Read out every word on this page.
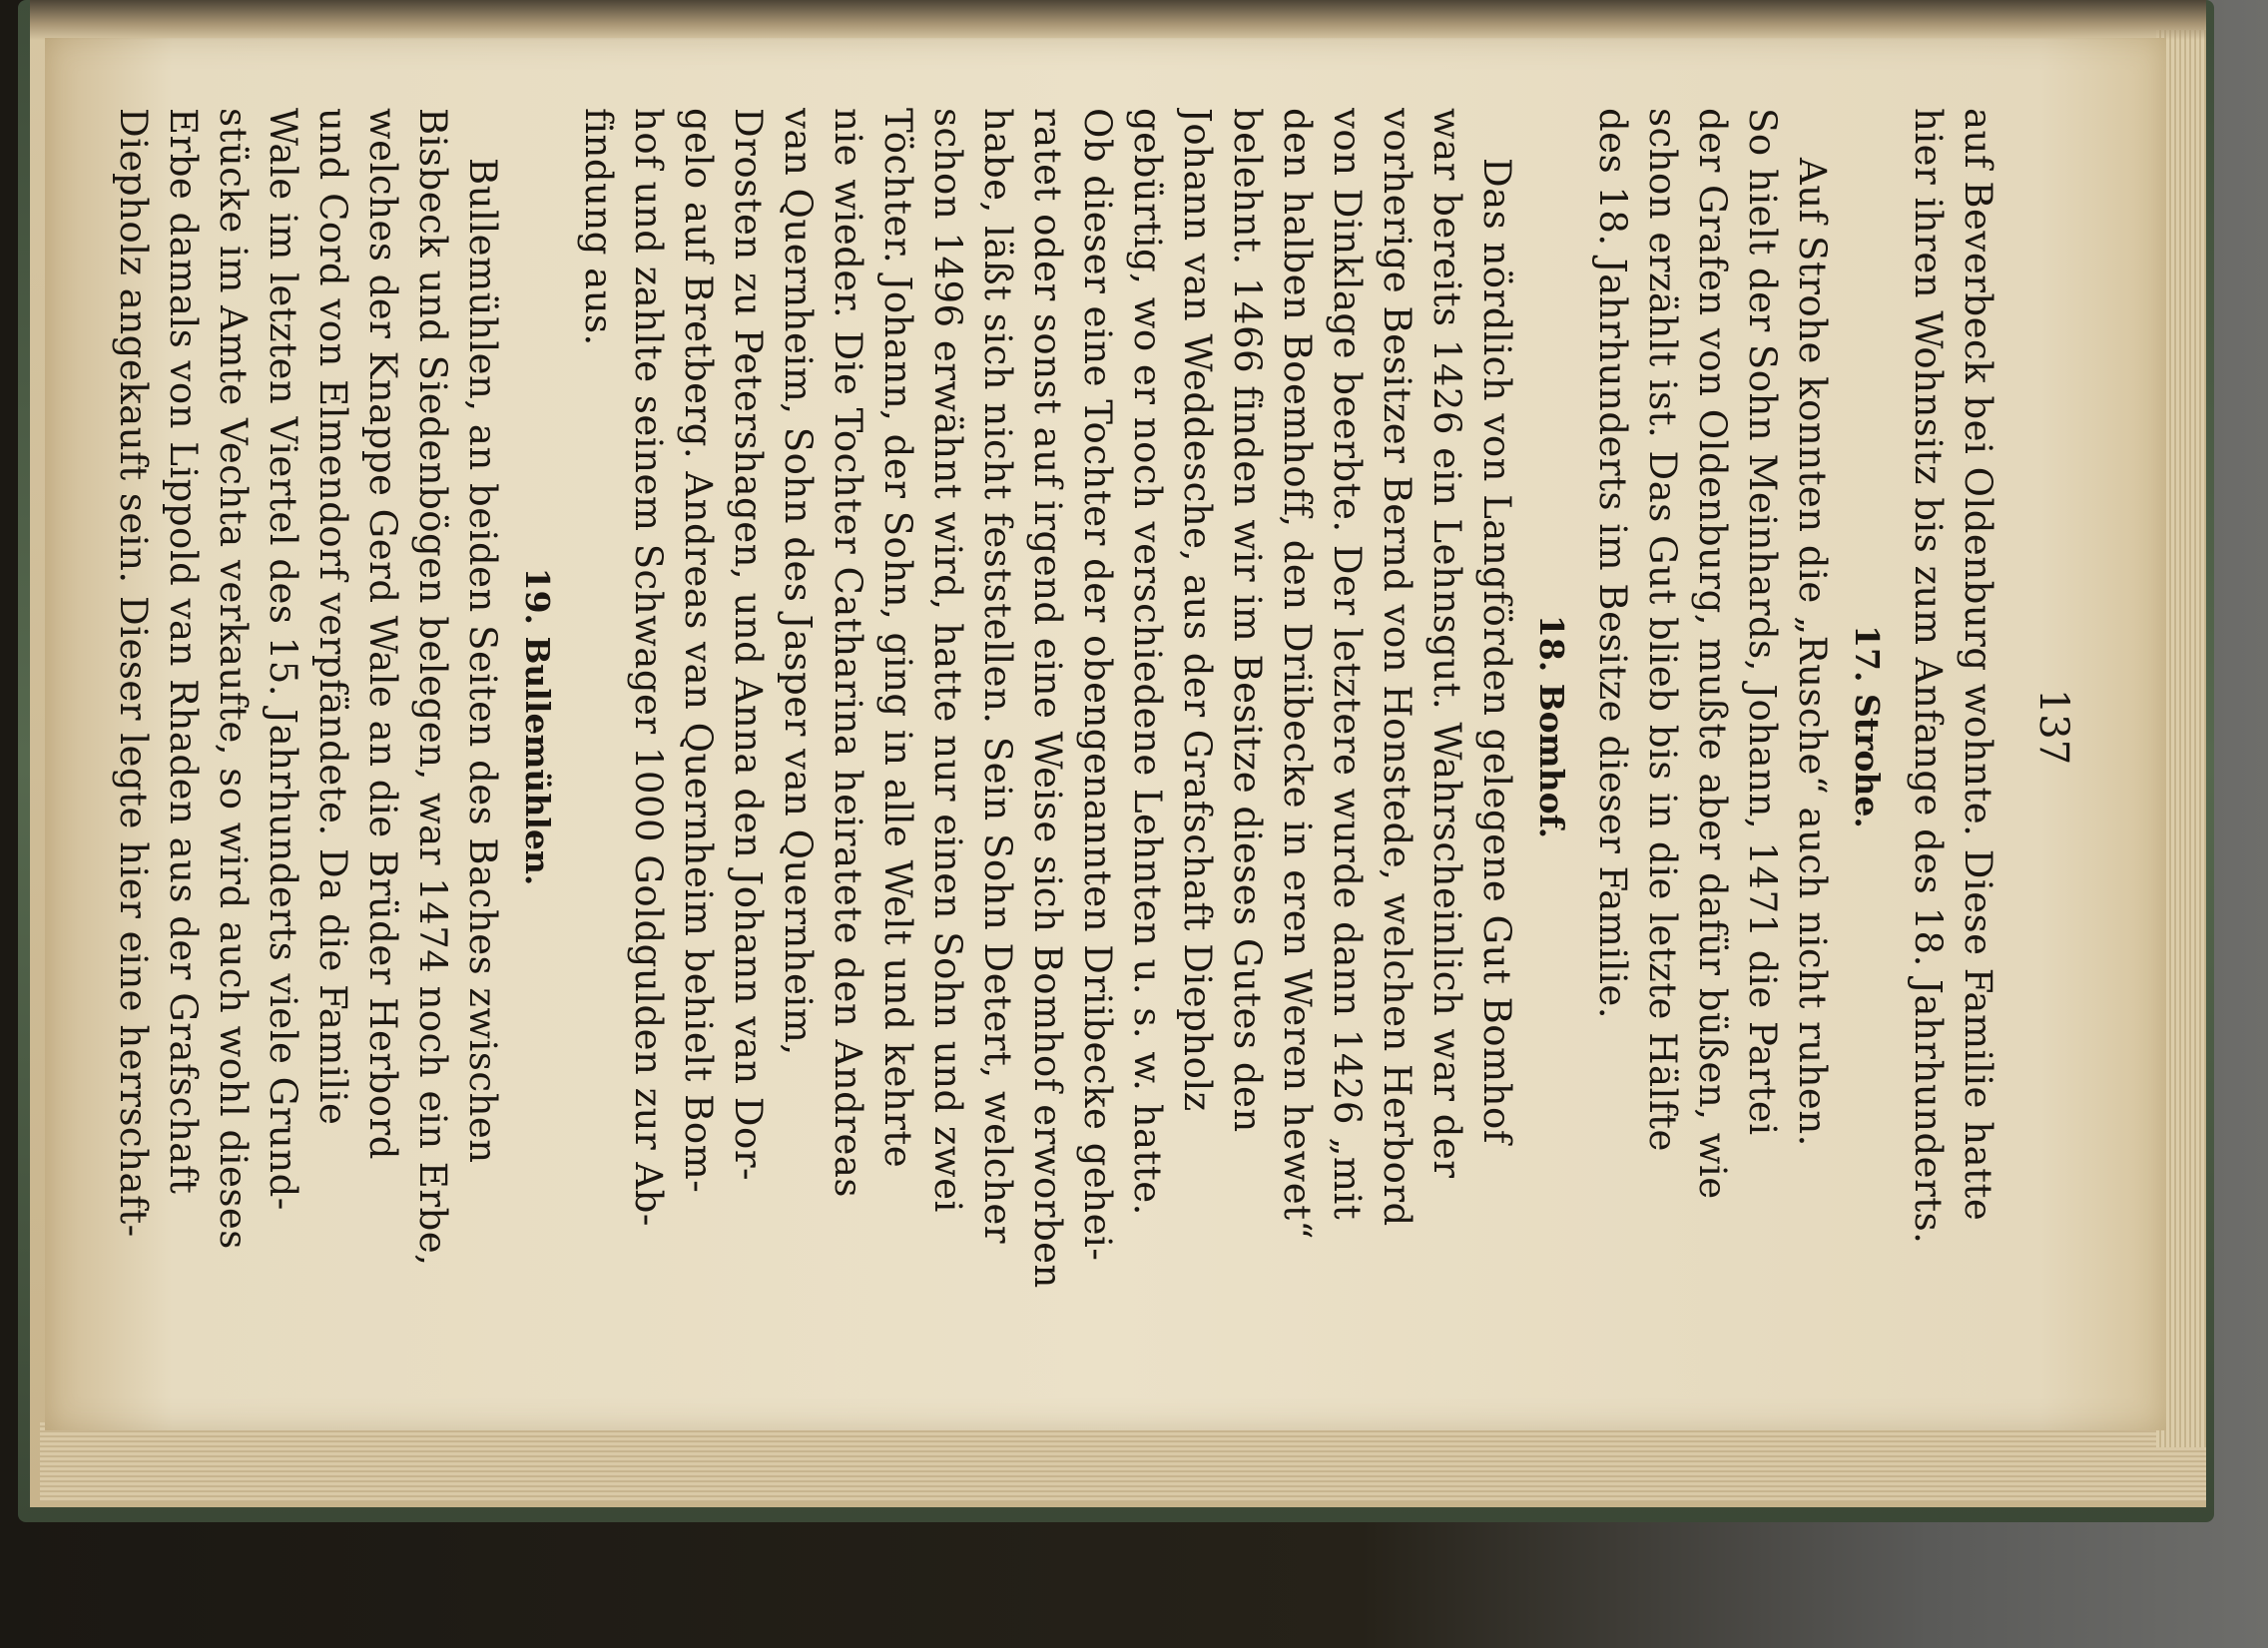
137
auf Beverbeck bei Oldenburg wohnte. Diese Familie hatte
hier ihren Wohnsitz bis zum Anfange des 18. Jahrhunderts.
17. Strohe.
Auf Strohe konnten die „Rusche“ auch nicht ruhen.
So hielt der Sohn Meinhards, Johann, 1471 die Partei
der Grafen von Oldenburg, mußte aber dafür büßen, wie
schon erzählt ist. Das Gut blieb bis in die letzte Hälfte
des 18. Jahrhunderts im Besitze dieser Familie.
18. Bomhof.
Das nördlich von Langförden gelegene Gut Bomhof
war bereits 1426 ein Lehnsgut. Wahrscheinlich war der
vorherige Besitzer Bernd von Honstede, welchen Herbord
von Dinklage beerbte. Der letztere wurde dann 1426 „mit
den halben Boemhoff, den Driibecke in eren Weren hewet“
belehnt. 1466 finden wir im Besitze dieses Gutes den
Johann van Weddesche, aus der Grafschaft Diepholz
gebürtig, wo er noch verschiedene Lehnten u. s. w. hatte.
Ob dieser eine Tochter der obengenannten Driibecke gehei-
ratet oder sonst auf irgend eine Weise sich Bomhof erworben
habe, läßt sich nicht feststellen. Sein Sohn Detert, welcher
schon 1496 erwähnt wird, hatte nur einen Sohn und zwei
Töchter. Johann, der Sohn, ging in alle Welt und kehrte
nie wieder. Die Tochter Catharina heiratete den Andreas
van Quernheim, Sohn des Jasper van Quernheim,
Drosten zu Petershagen, und Anna den Johann van Dor-
gelo auf Bretberg. Andreas van Quernheim behielt Bom-
hof und zahlte seinem Schwager 1000 Goldgulden zur Ab-
findung aus.
19. Bullemühlen.
Bullemühlen, an beiden Seiten des Baches zwischen
Bisbeck und Siedenbögen belegen, war 1474 noch ein Erbe,
welches der Knappe Gerd Wale an die Brüder Herbord
und Cord von Elmendorf verpfändete. Da die Familie
Wale im letzten Viertel des 15. Jahrhunderts viele Grund-
stücke im Amte Vechta verkaufte, so wird auch wohl dieses
Erbe damals von Lippold van Rhaden aus der Grafschaft
Diepholz angekauft sein. Dieser legte hier eine herrschaft-
